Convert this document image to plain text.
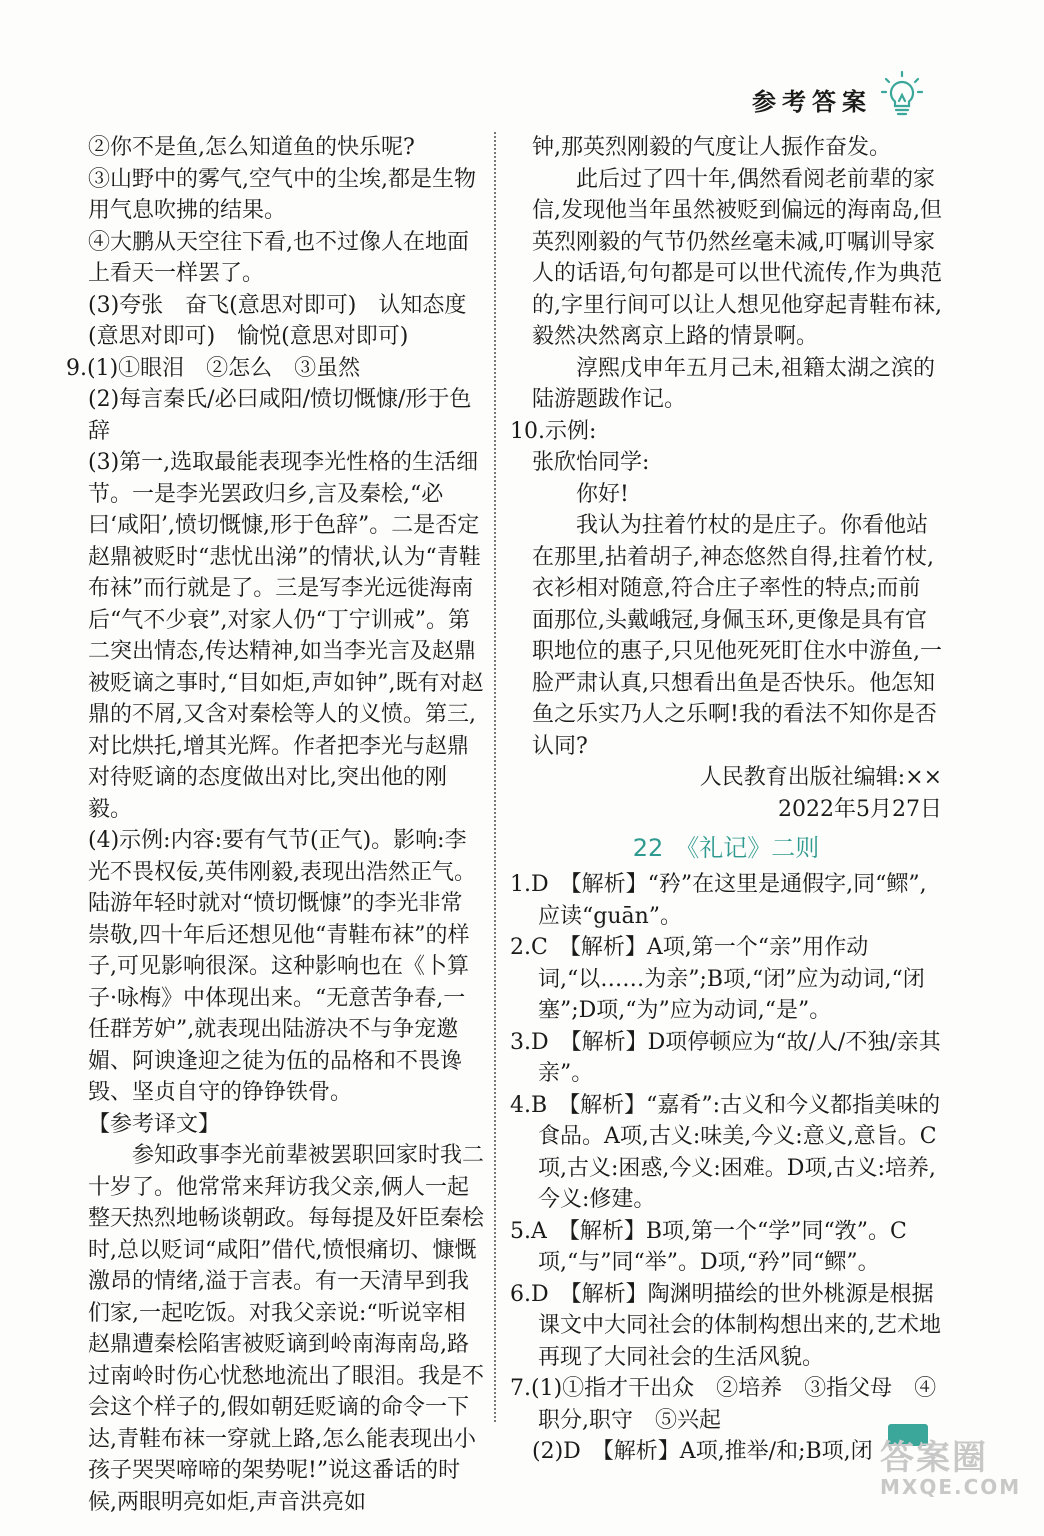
参考答案

②你不是鱼,怎么知道鱼的快乐呢?

③山野中的雾气,空气中的尘埃,都是生物用气息吹拂的结果。

④大鹏从天空往下看,也不过像人在地面上看天一样罢了。

(3)夸张　奋飞(意思对即可)　认知态度(意思对即可)　愉悦(意思对即可)

9.(1)①眼泪　②怎么　③虽然

(2)每言秦氏/必曰咸阳/愤切慨慷/形于色辞

(3)第一,选取最能表现李光性格的生活细节。一是李光罢政归乡,言及秦桧,“必曰‘咸阳’,愤切慨慷,形于色辞”。二是否定赵鼎被贬时“悲忧出涕”的情状,认为“青鞋布袜”而行就是了。三是写李光远徙海南后“气不少衰”,对家人仍“丁宁训戒”。第二突出情态,传达精神,如当李光言及赵鼎被贬谪之事时,“目如炬,声如钟”,既有对赵鼎的不屑,又含对秦桧等人的义愤。第三,对比烘托,增其光辉。作者把李光与赵鼎对待贬谪的态度做出对比,突出他的刚毅。

(4)示例:内容:要有气节(正气)。影响:李光不畏权佞,英伟刚毅,表现出浩然正气。陆游年轻时就对“愤切慨慷”的李光非常崇敬,四十年后还想见他“青鞋布袜”的样子,可见影响很深。这种影响也在《卜算子·咏梅》中体现出来。“无意苦争春,一任群芳妒”,就表现出陆游决不与争宠邀媚、阿谀逢迎之徒为伍的品格和不畏谗毁、坚贞自守的铮铮铁骨。

【参考译文】

参知政事李光前辈被罢职回家时我二十岁了。他常常来拜访我父亲,俩人一起整天热烈地畅谈朝政。每每提及奸臣秦桧时,总以贬词“咸阳”借代,愤恨痛切、慷慨激昂的情绪,溢于言表。有一天清早到我们家,一起吃饭。对我父亲说:“听说宰相赵鼎遭秦桧陷害被贬谪到岭南海南岛,路过南岭时伤心忧愁地流出了眼泪。我是不会这个样子的,假如朝廷贬谪的命令一下达,青鞋布袜一穿就上路,怎么能表现出小孩子哭哭啼啼的架势呢!”说这番话的时候,两眼明亮如炬,声音洪亮如

钟,那英烈刚毅的气度让人振作奋发。

此后过了四十年,偶然看阅老前辈的家信,发现他当年虽然被贬到偏远的海南岛,但英烈刚毅的气节仍然丝毫未减,叮嘱训导家人的话语,句句都是可以世代流传,作为典范的,字里行间可以让人想见他穿起青鞋布袜,毅然决然离京上路的情景啊。

淳熙戊申年五月己未,祖籍太湖之滨的陆游题跋作记。

10.示例:

张欣怡同学:

你好!

我认为拄着竹杖的是庄子。你看他站在那里,拈着胡子,神态悠然自得,拄着竹杖,衣衫相对随意,符合庄子率性的特点;而前面那位,头戴峨冠,身佩玉环,更像是具有官职地位的惠子,只见他死死盯住水中游鱼,一脸严肃认真,只想看出鱼是否快乐。他怎知鱼之乐实乃人之乐啊!我的看法不知你是否认同?

人民教育出版社编辑:××

2022年5月27日

22　《礼记》二则

1.D　【解析】“矜”在这里是通假字,同“鳏”,应读“guān”。

2.C　【解析】A项,第一个“亲”用作动词,“以……为亲”;B项,“闭”应为动词,“闭塞”;D项,“为”应为动词,“是”。

3.D　【解析】D项停顿应为“故/人/不独/亲其亲”。

4.B　【解析】“嘉肴”:古义和今义都指美味的食品。A项,古义:味美,今义:意义,意旨。C项,古义:困惑,今义:困难。D项,古义:培养,今义:修建。

5.A　【解析】B项,第一个“学”同“敩”。C项,“与”同“举”。D项,“矜”同“鳏”。

6.D　【解析】陶渊明描绘的世外桃源是根据课文中大同社会的体制构想出来的,艺术地再现了大同社会的生活风貌。

7.(1)①指才干出众　②培养　③指父母　④职分,职守　⑤兴起

(2)D　【解析】A项,推举/和;B项,闭 答案圈
MXQE.COM
